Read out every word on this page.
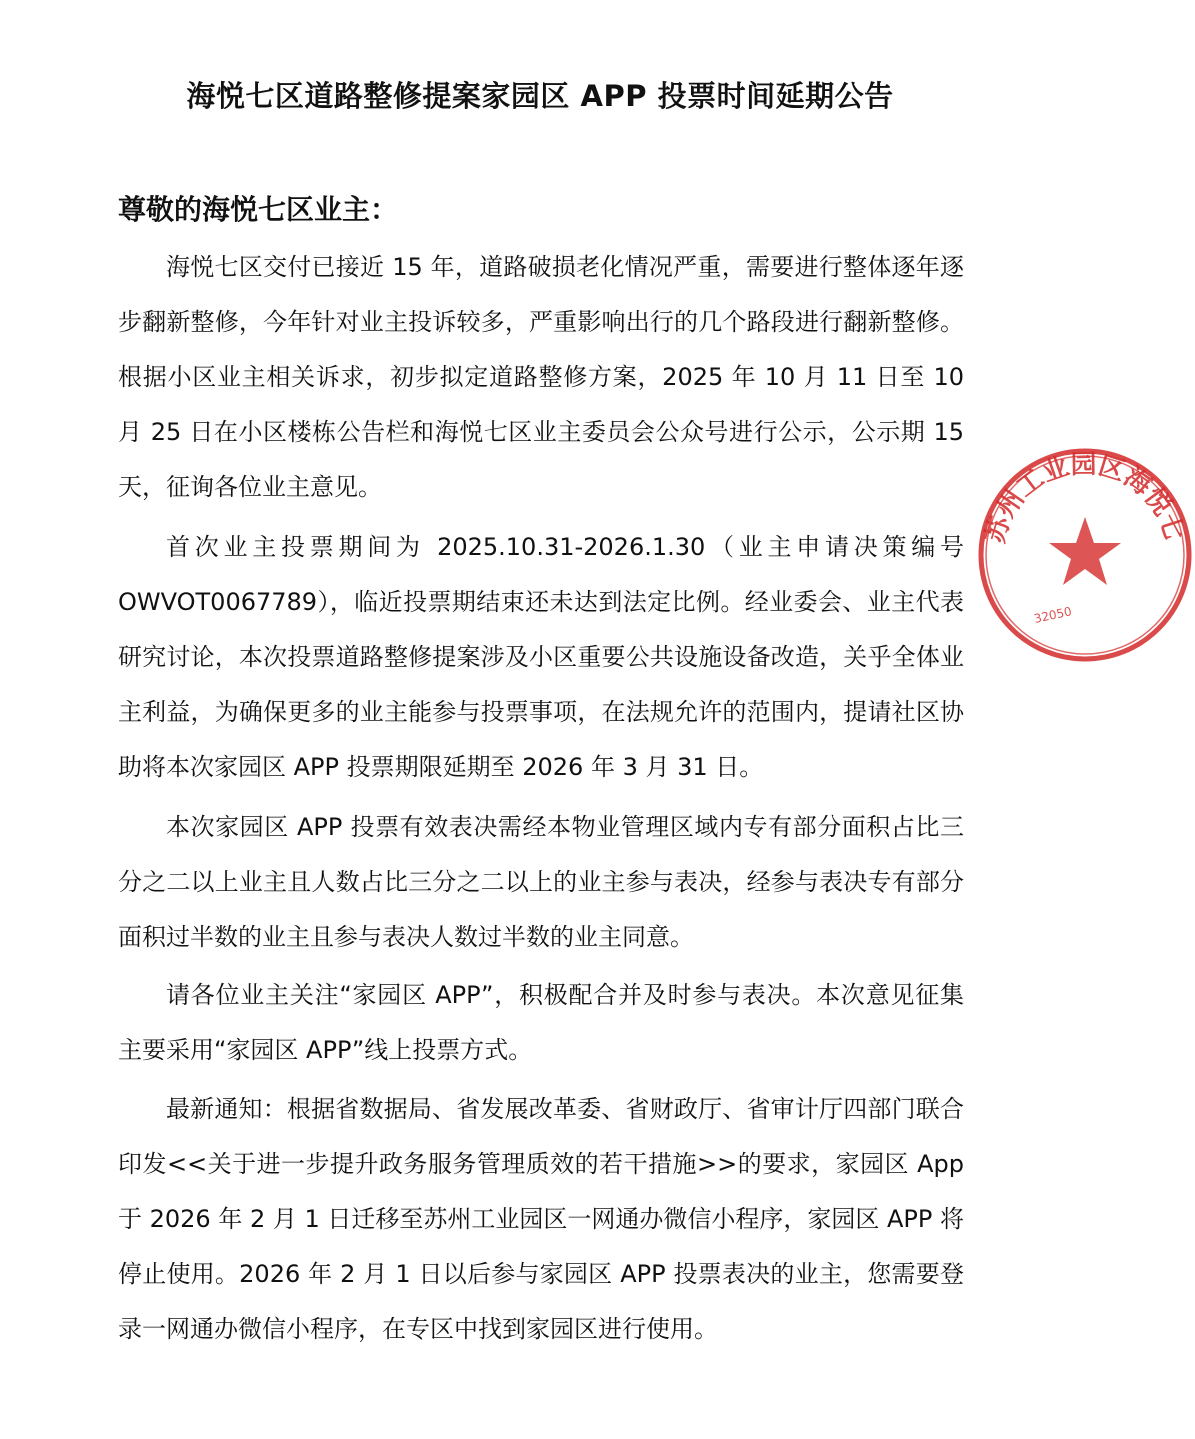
海悦七区道路整修提案家园区 APP 投票时间延期公告

尊敬的海悦七区业主：

海悦七区交付已接近 15 年，道路破损老化情况严重，需要进行整体逐年逐步翻新整修，今年针对业主投诉较多，严重影响出行的几个路段进行翻新整修。根据小区业主相关诉求，初步拟定道路整修方案，2025 年 10 月 11 日至 10 月 25 日在小区楼栋公告栏和海悦七区业主委员会公众号进行公示，公示期 15 天，征询各位业主意见。

首次业主投票期间为 2025.10.31-2026.1.30（业主申请决策编号 OWVOT0067789），临近投票期结束还未达到法定比例。经业委会、业主代表研究讨论，本次投票道路整修提案涉及小区重要公共设施设备改造，关乎全体业主利益，为确保更多的业主能参与投票事项，在法规允许的范围内，提请社区协助将本次家园区 APP 投票期限延期至 2026 年 3 月 31 日。

本次家园区 APP 投票有效表决需经本物业管理区域内专有部分面积占比三分之二以上业主且人数占比三分之二以上的业主参与表决，经参与表决专有部分面积过半数的业主且参与表决人数过半数的业主同意。

请各位业主关注“家园区 APP”，积极配合并及时参与表决。本次意见征集主要采用“家园区 APP”线上投票方式。

最新通知：根据省数据局、省发展改革委、省财政厅、省审计厅四部门联合印发<<关于进一步提升政务服务管理质效的若干措施>>的要求，家园区 App 于 2026 年 2 月 1 日迁移至苏州工业园区一网通办微信小程序，家园区 APP 将停止使用。2026 年 2 月 1 日以后参与家园区 APP 投票表决的业主，您需要登录一网通办微信小程序，在专区中找到家园区进行使用。

苏州工业园区海悦七
32050
